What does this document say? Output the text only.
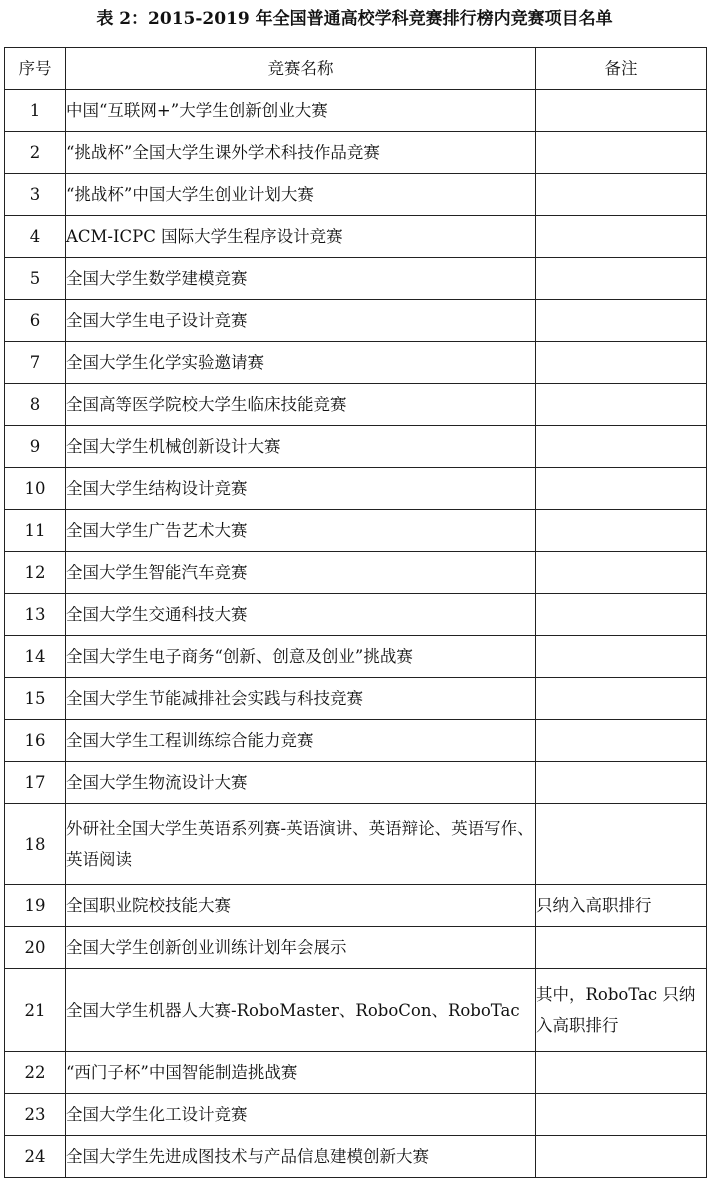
表 2：2015-2019 年全国普通高校学科竞赛排行榜内竞赛项目名单
序号	竞赛名称	备注
1	中国“互联网+”大学生创新创业大赛	
2	“挑战杯”全国大学生课外学术科技作品竞赛	
3	“挑战杯”中国大学生创业计划大赛	
4	ACM-ICPC 国际大学生程序设计竞赛	
5	全国大学生数学建模竞赛	
6	全国大学生电子设计竞赛	
7	全国大学生化学实验邀请赛	
8	全国高等医学院校大学生临床技能竞赛	
9	全国大学生机械创新设计大赛	
10	全国大学生结构设计竞赛	
11	全国大学生广告艺术大赛	
12	全国大学生智能汽车竞赛	
13	全国大学生交通科技大赛	
14	全国大学生电子商务“创新、创意及创业”挑战赛	
15	全国大学生节能减排社会实践与科技竞赛	
16	全国大学生工程训练综合能力竞赛	
17	全国大学生物流设计大赛	
18	外研社全国大学生英语系列赛-英语演讲、英语辩论、英语写作、英语阅读	
19	全国职业院校技能大赛	只纳入高职排行
20	全国大学生创新创业训练计划年会展示	
21	全国大学生机器人大赛-RoboMaster、RoboCon、RoboTac	其中，RoboTac 只纳入高职排行
22	“西门子杯”中国智能制造挑战赛	
23	全国大学生化工设计竞赛	
24	全国大学生先进成图技术与产品信息建模创新大赛	
